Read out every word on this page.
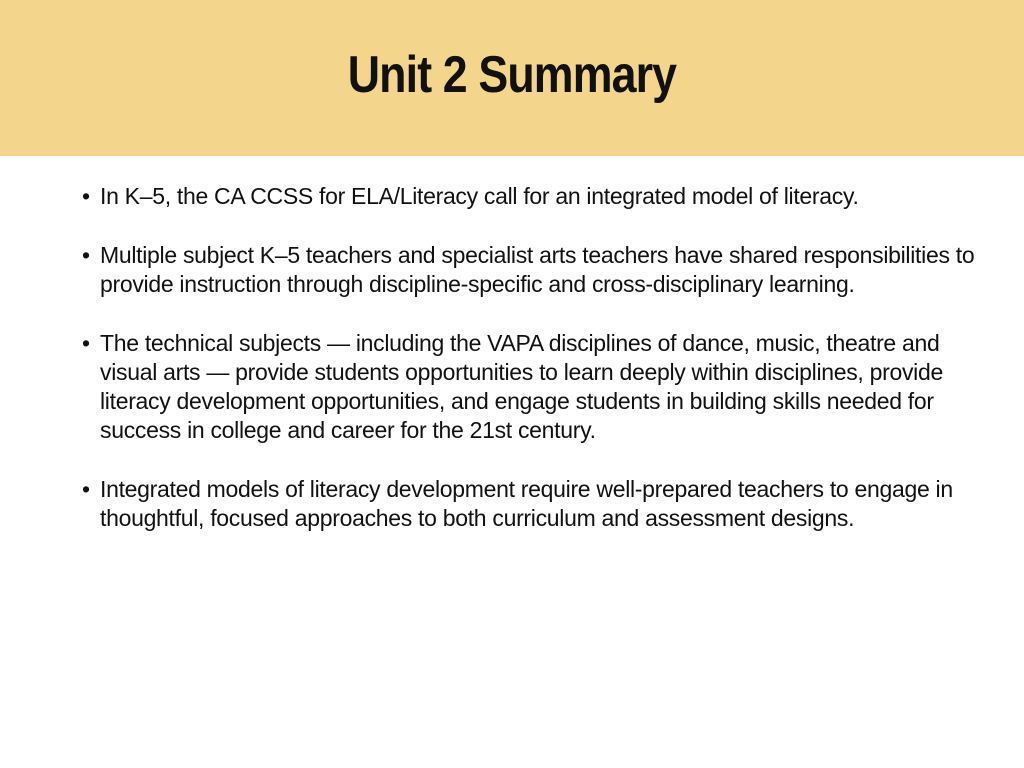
Unit 2 Summary
• In K–5, the CA CCSS for ELA/Literacy call for an integrated model of literacy.
• Multiple subject K–5 teachers and specialist arts teachers have shared responsibilities to provide instruction through discipline-specific and cross-disciplinary learning.
• The technical subjects — including the VAPA disciplines of dance, music, theatre and visual arts — provide students opportunities to learn deeply within disciplines, provide literacy development opportunities, and engage students in building skills needed for success in college and career for the 21st century.
• Integrated models of literacy development require well-prepared teachers to engage in thoughtful, focused approaches to both curriculum and assessment designs.
